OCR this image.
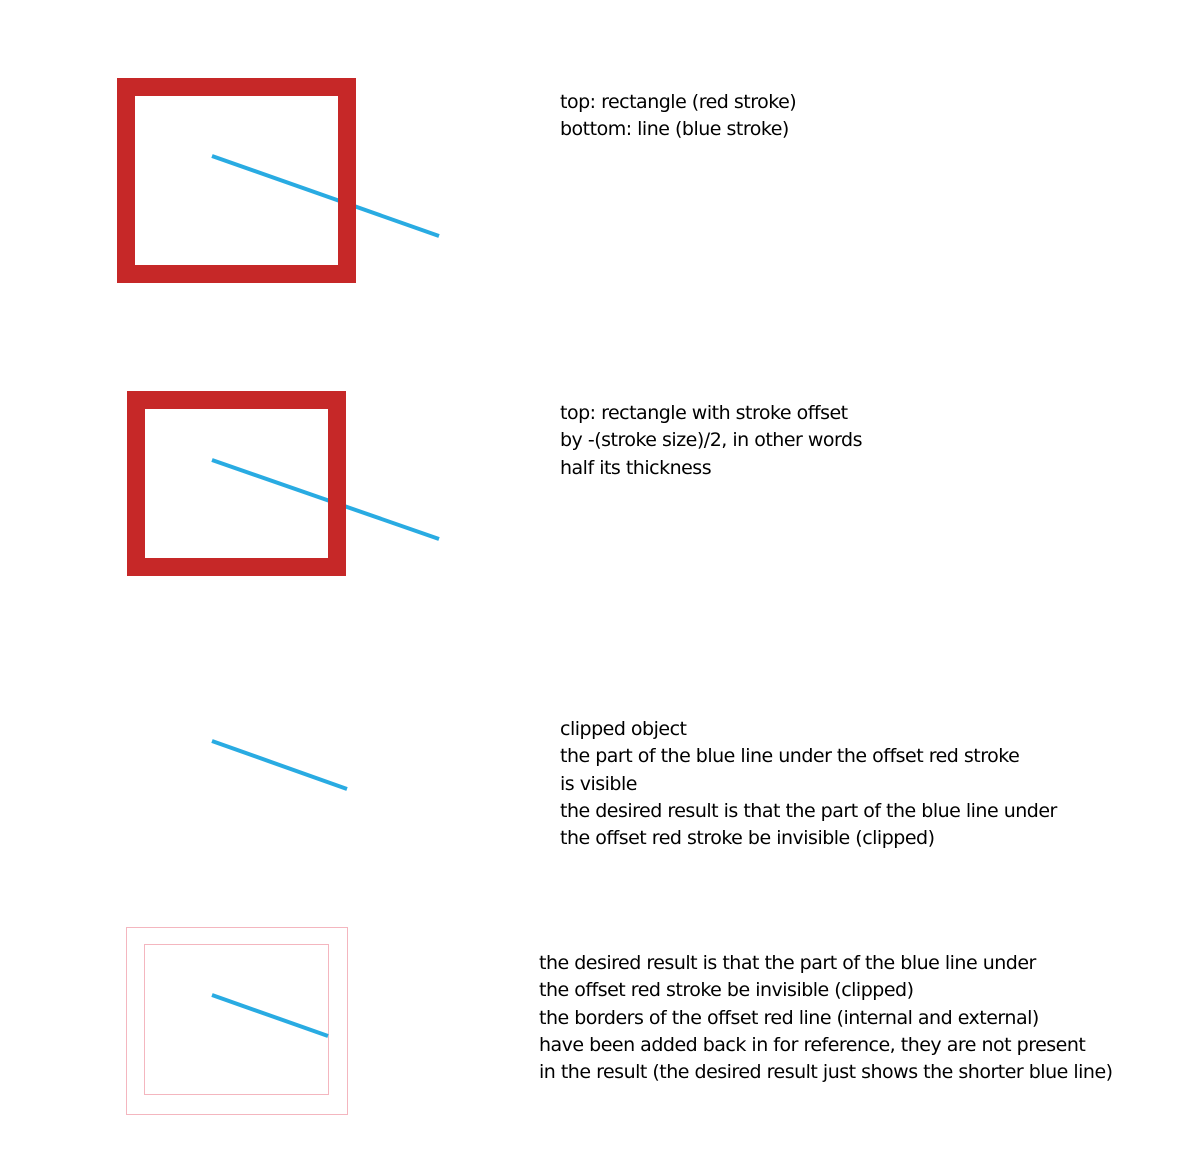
top: rectangle (red stroke)
bottom: line (blue stroke)
top: rectangle with stroke offset
by -(stroke size)/2, in other words
half its thickness
clipped object
the part of the blue line under the offset red stroke
is visible
the desired result is that the part of the blue line under
the offset red stroke be invisible (clipped)
the desired result is that the part of the blue line under
the offset red stroke be invisible (clipped)
the borders of the offset red line (internal and external)
have been added back in for reference, they are not present
in the result (the desired result just shows the shorter blue line)
